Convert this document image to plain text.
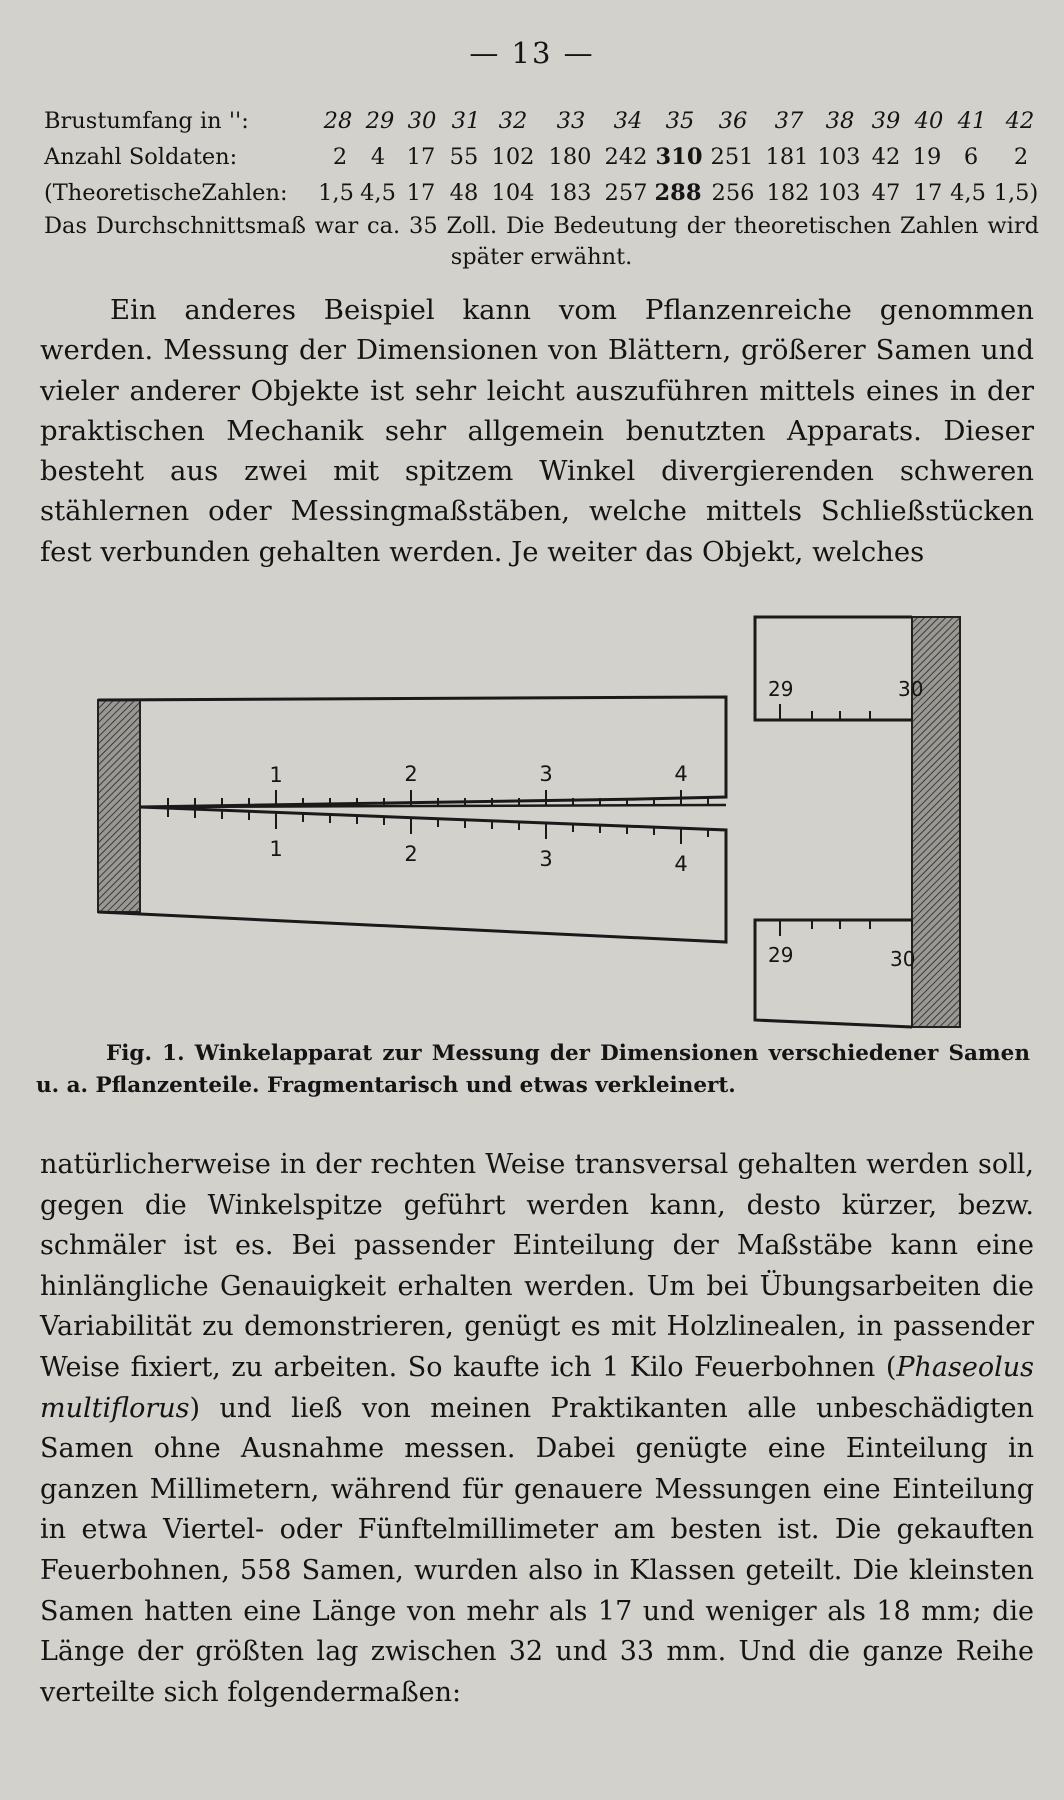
— 13 —
Brustumfang in '':	28 29 30 31 32 33 34 35 36 37 38 39 40 41 42
Anzahl Soldaten:	2 4 17 55 102 180 242 310 251 181 103 42 19 6 2
(TheoretischeZahlen: 1,5 4,5 17 48 104 183 257 288 256 182 103 47 17 4,5 1,5)
Das Durchschnittsmaß war ca. 35 Zoll. Die Bedeutung der theoretischen Zahlen wird später erwähnt.
Ein anderes Beispiel kann vom Pflanzenreiche genommen werden. Messung der Dimensionen von Blättern, größerer Samen und vieler anderer Objekte ist sehr leicht auszuführen mittels eines in der praktischen Mechanik sehr allgemein benutzten Apparats. Dieser besteht aus zwei mit spitzem Winkel divergierenden schweren stählernen oder Messingmaßstäben, welche mittels Schließstücken fest verbunden gehalten werden. Je weiter das Objekt, welches
1	2	3	4
1	2	3	4
29	30
29	30
Fig. 1. Winkelapparat zur Messung der Dimensionen verschiedener Samen u. a. Pflanzenteile. Fragmentarisch und etwas verkleinert.
natürlicherweise in der rechten Weise transversal gehalten werden soll, gegen die Winkelspitze geführt werden kann, desto kürzer, bezw. schmäler ist es. Bei passender Einteilung der Maßstäbe kann eine hinlängliche Genauigkeit erhalten werden. Um bei Übungsarbeiten die Variabilität zu demonstrieren, genügt es mit Holzlinealen, in passender Weise fixiert, zu arbeiten. So kaufte ich 1 Kilo Feuerbohnen (Phaseolus multiflorus) und ließ von meinen Praktikanten alle unbeschädigten Samen ohne Ausnahme messen. Dabei genügte eine Einteilung in ganzen Millimetern, während für genauere Messungen eine Einteilung in etwa Viertel- oder Fünftelmillimeter am besten ist. Die gekauften Feuerbohnen, 558 Samen, wurden also in Klassen geteilt. Die kleinsten Samen hatten eine Länge von mehr als 17 und weniger als 18 mm; die Länge der größten lag zwischen 32 und 33 mm. Und die ganze Reihe verteilte sich folgendermaßen:
